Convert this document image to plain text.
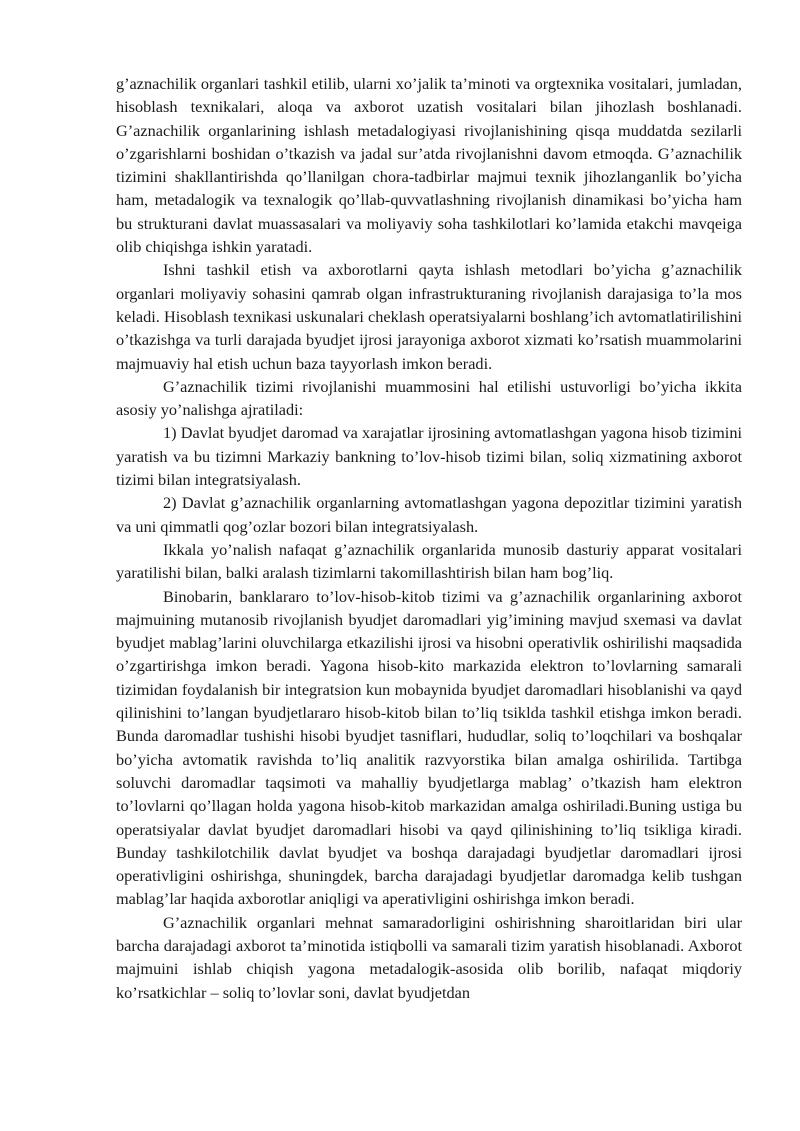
g’aznachilik organlari tashkil etilib, ularni xo’jalik ta’minoti va orgtexnika vositalari, jumladan, hisoblash texnikalari, aloqa va axborot uzatish vositalari bilan jihozlash boshlanadi. G’aznachilik organlarining ishlash metadalogiyasi rivojlanishining qisqa muddatda sezilarli o’zgarishlarni boshidan o’tkazish va jadal sur’atda rivojlanishni davom etmoqda. G’aznachilik tizimini shakllantirishda qo’llanilgan chora-tadbirlar majmui texnik jihozlanganlik bo’yicha ham, metadalogik va texnalogik qo’llab-quvvatlashning rivojlanish dinamikasi bo’yicha ham bu strukturani davlat muassasalari va moliyaviy soha tashkilotlari ko’lamida etakchi mavqeiga olib chiqishga ishkin yaratadi.

Ishni tashkil etish va axborotlarni qayta ishlash metodlari bo’yicha g’aznachilik organlari moliyaviy sohasini qamrab olgan infrastrukturaning rivojlanish darajasiga to’la mos keladi. Hisoblash texnikasi uskunalari cheklash operatsiyalarni boshlang’ich avtomatlatirilishini o’tkazishga va turli darajada byudjet ijrosi jarayoniga axborot xizmati ko’rsatish muammolarini majmuaviy hal etish uchun baza tayyorlash imkon beradi.

G’aznachilik tizimi rivojlanishi muammosini hal etilishi ustuvorligi bo’yicha ikkita asosiy yo’nalishga ajratiladi:

1) Davlat byudjet daromad va xarajatlar ijrosining avtomatlashgan yagona hisob tizimini yaratish va bu tizimni Markaziy bankning to’lov-hisob tizimi bilan, soliq xizmatining axborot tizimi bilan integratsiyalash.

2) Davlat g’aznachilik organlarning avtomatlashgan yagona depozitlar tizimini yaratish va uni qimmatli qog’ozlar bozori bilan integratsiyalash.

Ikkala yo’nalish nafaqat g’aznachilik organlarida munosib dasturiy apparat vositalari yaratilishi bilan, balki aralash tizimlarni takomillashtirish bilan ham bog’liq.

Binobarin, banklararo to’lov-hisob-kitob tizimi va g’aznachilik organlarining axborot majmuining mutanosib rivojlanish byudjet daromadlari yig’imining mavjud sxemasi va davlat byudjet mablag’larini oluvchilarga etkazilishi ijrosi va hisobni operativlik oshirilishi maqsadida o’zgartirishga imkon beradi. Yagona hisob-kito markazida elektron to’lovlarning samarali tizimidan foydalanish bir integratsion kun mobaynida byudjet daromadlari hisoblanishi va qayd qilinishini to’langan byudjetlararo hisob-kitob bilan to’liq tsiklda tashkil etishga imkon beradi. Bunda daromadlar tushishi hisobi byudjet tasniflari, hududlar, soliq to’loqchilari va boshqalar bo’yicha avtomatik ravishda to’liq analitik razvyorstika bilan amalga oshirilida. Tartibga soluvchi daromadlar taqsimoti va mahalliy byudjetlarga mablag’ o’tkazish ham elektron to’lovlarni qo’llagan holda yagona hisob-kitob markazidan amalga oshiriladi.Buning ustiga bu operatsiyalar davlat byudjet daromadlari hisobi va qayd qilinishining to’liq tsikliga kiradi. Bunday tashkilotchilik davlat byudjet va boshqa darajadagi byudjetlar daromadlari ijrosi operativligini oshirishga, shuningdek, barcha darajadagi byudjetlar daromadga kelib tushgan mablag’lar haqida axborotlar aniqligi va aperativligini oshirishga imkon beradi.

G’aznachilik organlari mehnat samaradorligini oshirishning sharoitlaridan biri ular barcha darajadagi axborot ta’minotida istiqbolli va samarali tizim yaratish hisoblanadi. Axborot majmuini ishlab chiqish yagona metadalogik-asosida olib borilib, nafaqat miqdoriy ko’rsatkichlar – soliq to’lovlar soni, davlat byudjetdan
